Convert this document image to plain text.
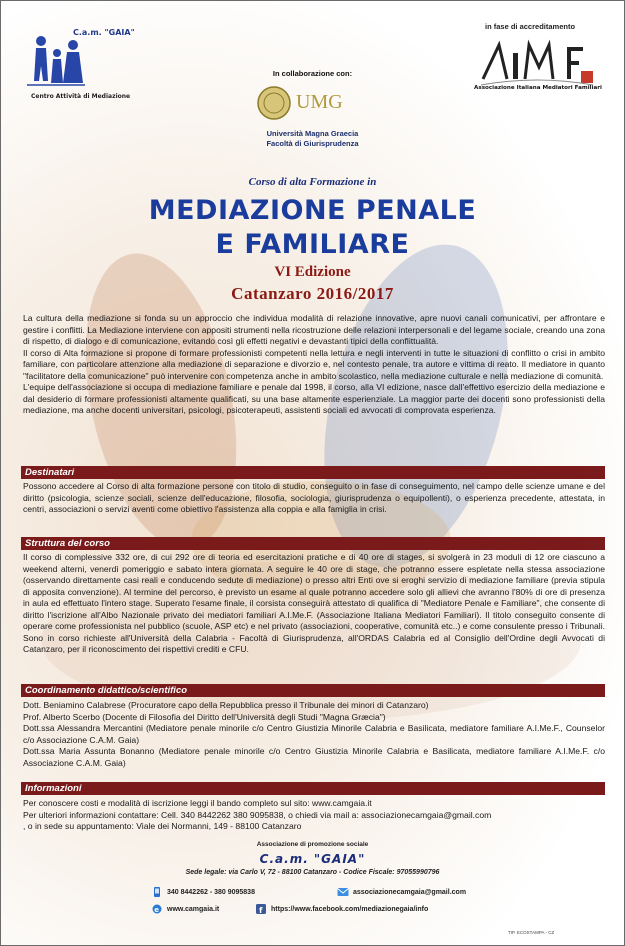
C.a.m. "GAIA"
Centro Attività di Mediazione
In collaborazione con:
UMG
Università Magna Graecia
Facoltà di Giurisprudenza
in fase di accreditamento
Associazione Italiana Mediatori Familiari
Corso di alta Formazione in
MEDIAZIONE PENALE
E FAMILIARE
VI Edizione
Catanzaro 2016/2017

La cultura della mediazione si fonda su un approccio che individua modalità di relazione innovative, apre nuovi canali comunicativi, per affrontare e gestire i conflitti. La Mediazione interviene con appositi strumenti nella ricostruzione delle relazioni interpersonali e del legame sociale, creando una zona di rispetto, di dialogo e di comunicazione, evitando così gli effetti negativi e devastanti tipici della conflittualità.

Il corso di Alta formazione si propone di formare professionisti competenti nella lettura e negli interventi in tutte le situazioni di conflitto o crisi in ambito familiare, con particolare attenzione alla mediazione di separazione e divorzio e, nel contesto penale, tra autore e vittima di reato. Il mediatore in quanto "facilitatore della comunicazione" può intervenire con competenza anche in ambito scolastico, nella mediazione culturale e nella mediazione di comunità.

L'equipe dell'associazione si occupa di mediazione familiare e penale dal 1998, il corso, alla VI edizione, nasce dall'effettivo esercizio della mediazione e dal desiderio di formare professionisti altamente qualificati, su una base altamente esperienziale. La maggior parte dei docenti sono professionisti della mediazione, ma anche docenti universitari, psicologi, psicoterapeuti, assistenti sociali ed avvocati di comprovata esperienza.

Destinatari
Possono accedere al Corso di alta formazione persone con titolo di studio, conseguito o in fase di conseguimento, nel campo delle scienze umane e del diritto (psicologia, scienze sociali, scienze dell'educazione, filosofia, sociologia, giurisprudenza o equipollenti), o esperienza precedente, attestata, in centri, associazioni o servizi aventi come obiettivo l'assistenza alla coppia e alla famiglia in crisi.
Struttura del corso
Il corso di complessive 332 ore, di cui 292 ore di teoria ed esercitazioni pratiche e di 40 ore di stages, si svolgerà in 23 moduli di 12 ore ciascuno a weekend alterni, venerdì pomeriggio e sabato intera giornata. A seguire le 40 ore di stage, che potranno essere espletate nella stessa associazione (osservando direttamente casi reali e conducendo sedute di mediazione) o presso altri Enti ove si eroghi servizio di mediazione familiare (previa stipula di apposita convenzione). Al termine del percorso, è previsto un esame al quale potranno accedere solo gli allievi che avranno l'80% di ore di presenza in aula ed effettuato l'intero stage. Superato l'esame finale, il corsista conseguirà attestato di qualifica di "Mediatore Penale e Familiare", che consente di diritto l'iscrizione all'Albo Nazionale privato dei mediatori familiari A.I.Me.F. (Associazione Italiana Mediatori Familiari). Il titolo conseguito consente di operare come professionista nel pubblico (scuole, ASP etc) e nel privato (associazioni, cooperative, comunità etc..) e come consulente presso i Tribunali. Sono in corso richieste all'Università della Calabria - Facoltà di Giurisprudenza, all'ORDAS Calabria ed al Consiglio dell'Ordine degli Avvocati di Catanzaro, per il riconoscimento dei rispettivi crediti e CFU.
Coordinamento didattico/scientifico

Dott. Beniamino Calabrese (Procuratore capo della Repubblica presso il Tribunale dei minori di Catanzaro)

Prof. Alberto Scerbo (Docente di Filosofia del Diritto dell'Università degli Studi "Magna Græcia")

Dott.ssa Alessandra Mercantini (Mediatore penale minorile c/o Centro Giustizia Minorile Calabria e Basilicata, mediatore familiare A.I.Me.F., Counselor c/o Associazione C.A.M. Gaia)

Dott.ssa Maria Assunta Bonanno (Mediatore penale minorile c/o Centro Giustizia Minorile Calabria e Basilicata, mediatore familiare A.I.Me.F. c/o Associazione C.A.M. Gaia)

Informazioni

Per conoscere costi e modalità di iscrizione leggi il bando completo sul sito: www.camgaia.it

Per ulteriori informazioni contattare: Cell. 340 8442262 380 9095838, o chiedi via mail a: associazionecamgaia@gmail.com

, o in sede su appuntamento: Viale dei Normanni, 149 - 88100 Catanzaro

Associazione di promozione sociale
C.a.m. "GAIA"
Sede legale: via Carlo V, 72 - 88100 Catanzaro - Codice Fiscale: 97055990796
340 8442262 - 380 9095838	associazionecamgaia@gmail.com
e www.camgaia.it	f https://www.facebook.com/mediazionegaia/info
TIP. ECOSTAMPA - CZ
